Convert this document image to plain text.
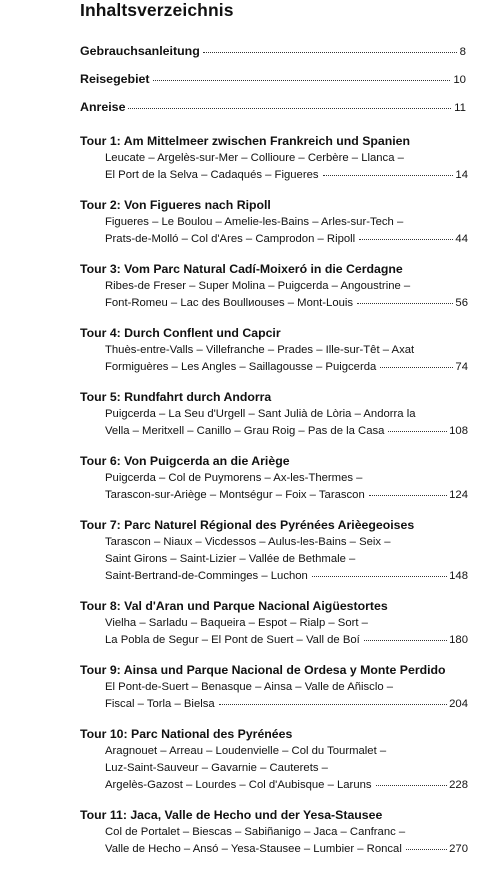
Inhaltsverzeichnis
Gebrauchsanleitung	8
Reisegebiet	10
Anreise	11
Tour 1: Am Mittelmeer zwischen Frankreich und Spanien
Leucate – Argelès-sur-Mer – Collioure – Cerbère – Llanca –
El Port de la Selva – Cadaqués – Figueres	14
Tour 2: Von Figueres nach Ripoll
Figueres – Le Boulou – Amelie-les-Bains – Arles-sur-Tech –
Prats-de-Molló – Col d'Ares – Camprodon – Ripoll	44
Tour 3: Vom Parc Natural Cadí-Moixeró in die Cerdagne
Ribes-de Freser – Super Molina – Puigcerda – Angoustrine –
Font-Romeu – Lac des Boullиouses – Mont-Louis	56
Tour 4: Durch Conflent und Capcir
Thuès-entre-Valls – Villefranche – Prades – Ille-sur-Têt – Axat
Formiguères – Les Angles – Saillagousse – Puigcerda	74
Tour 5: Rundfahrt durch Andorra
Puigcerda – La Seu d'Urgell – Sant Julià de Lòria – Andorra la
Vella – Meritxell – Canillo – Grau Roig – Pas de la Casa	108
Tour 6: Von Puigcerda an die Ariège
Puigcerda – Col de Puymorens – Ax-les-Thermes –
Tarascon-sur-Ariège – Montségur – Foix – Tarascon	124
Tour 7: Parc Naturel Régional des Pyrénées Arièegeoises
Tarascon – Niaux – Vicdessos – Aulus-les-Bains – Seix –
Saint Girons – Saint-Lizier – Vallée de Bethmale –
Saint-Bertrand-de-Comminges – Luchon	148
Tour 8: Val d'Aran und Parque Nacional Aigüestortes
Vielha – Sarladu – Baqueira – Espot – Rialp – Sort –
La Pobla de Segur – El Pont de Suert – Vall de Boí	180
Tour 9: Ainsa und Parque Nacional de Ordesa y Monte Perdido
El Pont-de-Suert – Benasque – Ainsa – Valle de Añisclo –
Fiscal – Torla – Bielsa	204
Tour 10: Parc National des Pyrénées
Aragnouet – Arreau – Loudenvielle – Col du Tourmalet –
Luz-Saint-Sauveur – Gavarnie – Cauterets –
Argelès-Gazost – Lourdes – Col d'Aubisque – Laruns	228
Tour 11: Jaca, Valle de Hecho und der Yesa-Stausee
Col de Portalet – Biescas – Sabiñanigo – Jaca – Canfranc –
Valle de Hecho – Ansó – Yesa-Stausee – Lumbier – Roncal	270
